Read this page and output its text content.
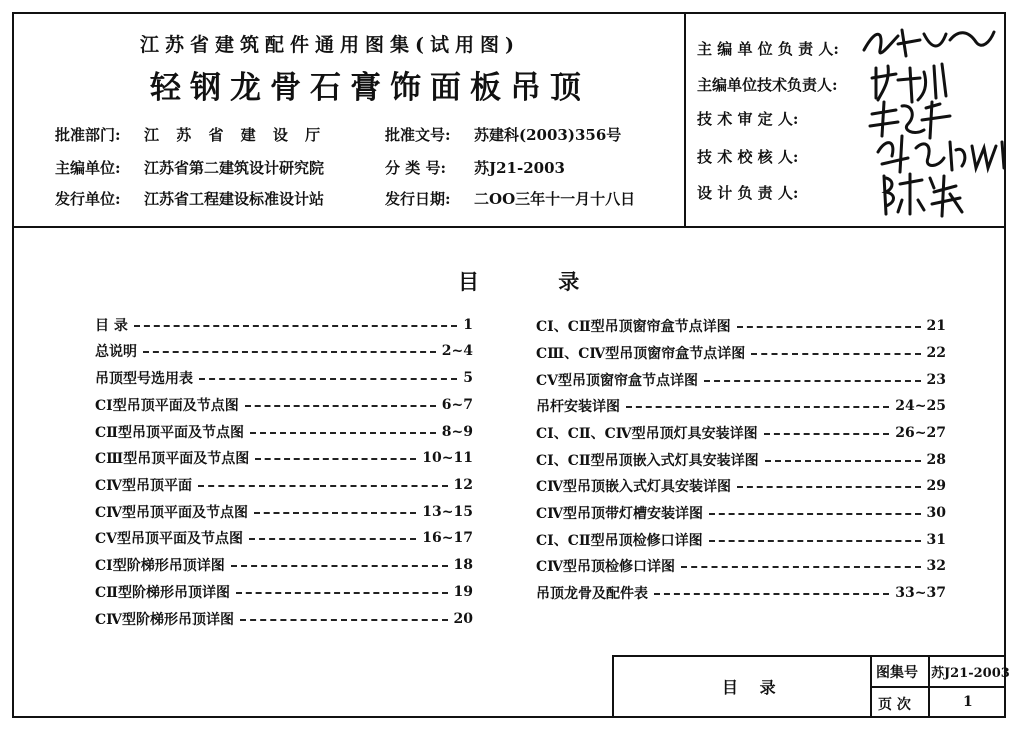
江苏省建筑配件通用图集(试用图)
轻钢龙骨石膏饰面板吊顶
批准部门: 江 苏 省 建 设 厅
主编单位: 江苏省第二建筑设计研究院
发行单位: 江苏省工程建设标准设计站
批准文号: 苏建科(2003)356号
分 类 号: 苏J21-2003
发行日期: 二OO三年十一月十八日
主 编 单 位 负 责 人:
主编单位技术负责人:
技 术 审 定 人:
技 术 校 核 人:
设 计 负 责 人:
目 录
目 录	1
总说明	2~4
吊顶型号选用表	5
CⅠ型吊顶平面及节点图	6~7
CⅡ型吊顶平面及节点图	8~9
CⅢ型吊顶平面及节点图	10~11
CⅣ型吊顶平面	12
CⅣ型吊顶平面及节点图	13~15
CⅤ型吊顶平面及节点图	16~17
CⅠ型阶梯形吊顶详图	18
CⅡ型阶梯形吊顶详图	19
CⅣ型阶梯形吊顶详图	20
CⅠ、CⅡ型吊顶窗帘盒节点详图	21
CⅢ、CⅣ型吊顶窗帘盒节点详图	22
CⅤ型吊顶窗帘盒节点详图	23
吊杆安装详图	24~25
CⅠ、CⅡ、CⅣ型吊顶灯具安装详图	26~27
CⅠ、CⅡ型吊顶嵌入式灯具安装详图	28
CⅣ型吊顶嵌入式灯具安装详图	29
CⅣ型吊顶带灯槽安装详图	30
CⅠ、CⅡ型吊顶检修口详图	31
CⅣ型吊顶检修口详图	32
吊顶龙骨及配件表	33~37
目 录
图集号 苏J21-2003
页 次	1
